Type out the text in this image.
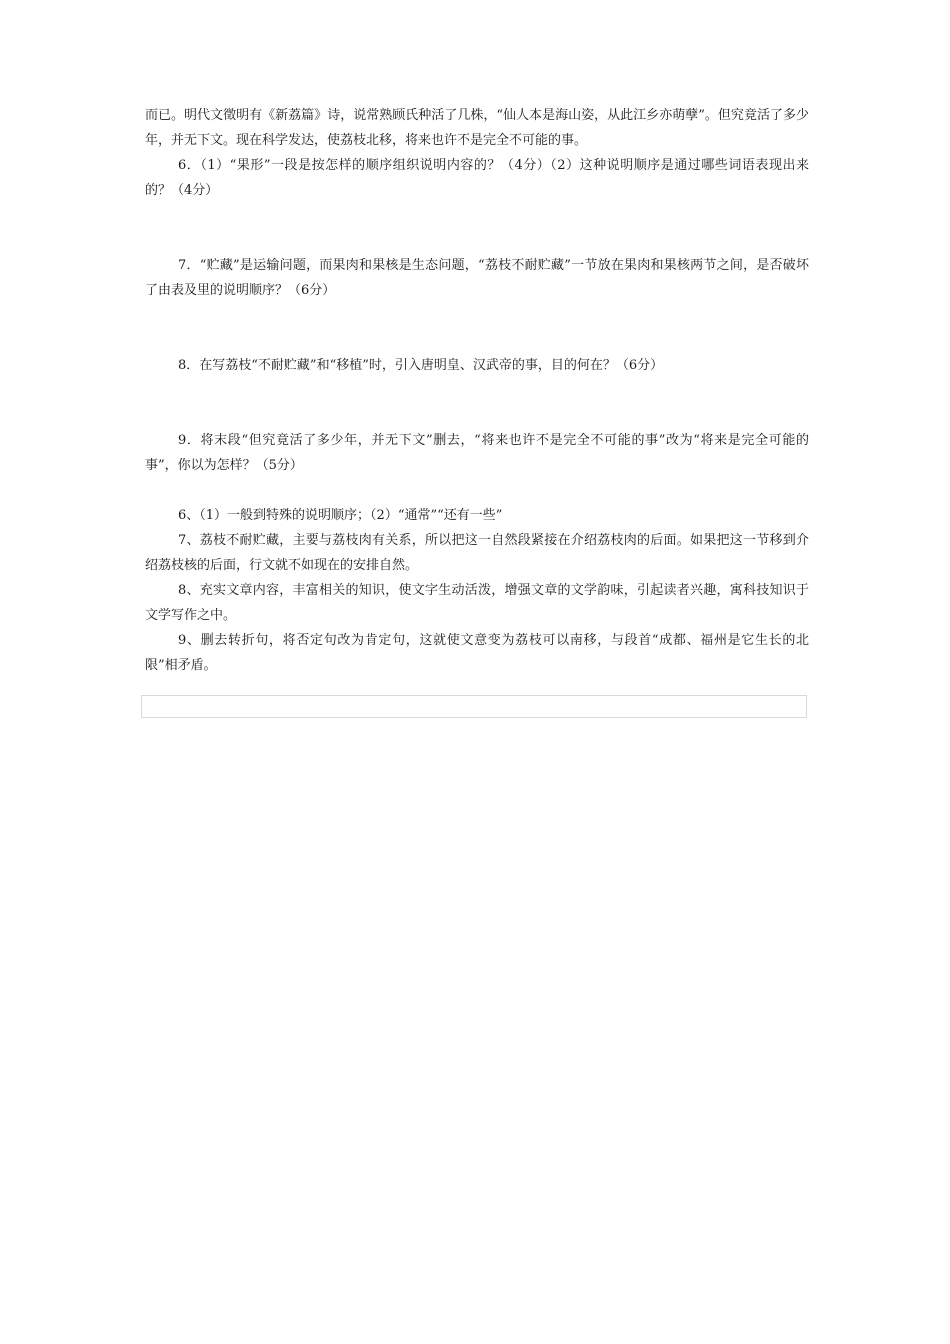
而已。明代文徵明有《新荔篇》诗，说常熟顾氏种活了几株，“仙人本是海山姿，从此江乡亦萌孽”。但究竟活了多少年，并无下文。现在科学发达，使荔枝北移，将来也许不是完全不可能的事。

6．（1）“果形”一段是按怎样的顺序组织说明内容的？（4分）（2）这种说明顺序是通过哪些词语表现出来的？（4分）

7．“贮藏”是运输问题，而果肉和果核是生态问题，“荔枝不耐贮藏”一节放在果肉和果核两节之间，是否破坏了由表及里的说明顺序？（6分）

8．在写荔枝“不耐贮藏”和“移植”时，引入唐明皇、汉武帝的事，目的何在？（6分）

9．将末段“但究竟活了多少年，并无下文”删去，“将来也许不是完全不可能的事”改为“将来是完全可能的事”，你以为怎样？（5分）

6、（1）一般到特殊的说明顺序；（2）“通常”“还有一些”

7、荔枝不耐贮藏，主要与荔枝肉有关系，所以把这一自然段紧接在介绍荔枝肉的后面。如果把这一节移到介绍荔枝核的后面，行文就不如现在的安排自然。

8、充实文章内容，丰富相关的知识，使文字生动活泼，增强文章的文学韵味，引起读者兴趣，寓科技知识于文学写作之中。

9、删去转折句，将否定句改为肯定句，这就使文意变为荔枝可以南移，与段首“成都、福州是它生长的北限”相矛盾。
